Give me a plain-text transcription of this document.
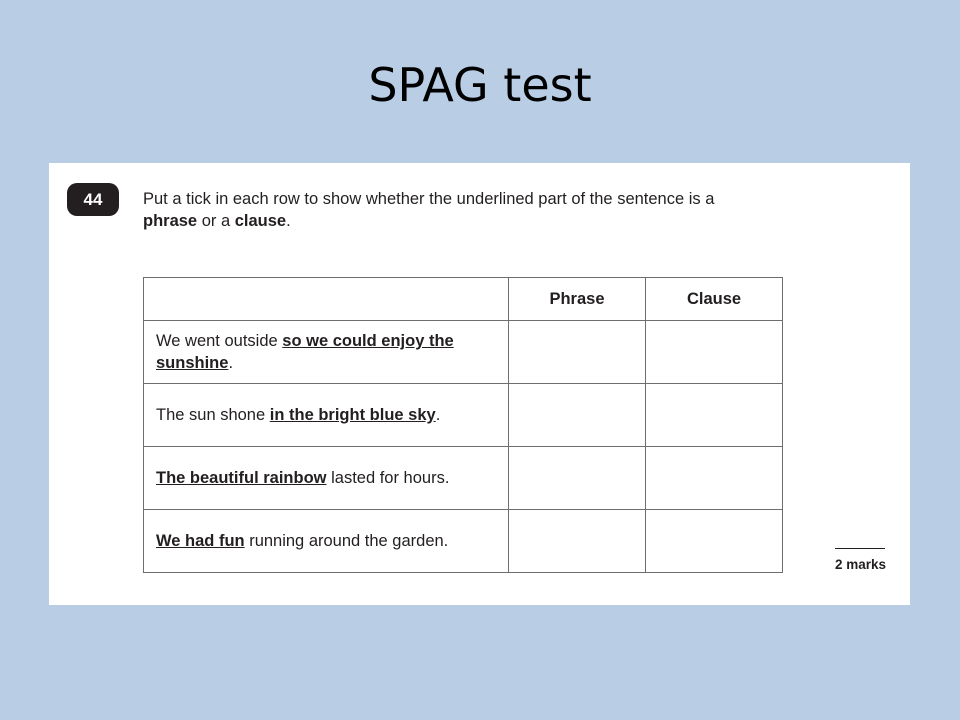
SPAG test
44	Put a tick in each row to show whether the underlined part of the sentence is a
phrase or a clause.
	Phrase	Clause
We went outside so we could enjoy the sunshine.		
The sun shone in the bright blue sky.		
The beautiful rainbow lasted for hours.		
We had fun running around the garden.		
2 marks
